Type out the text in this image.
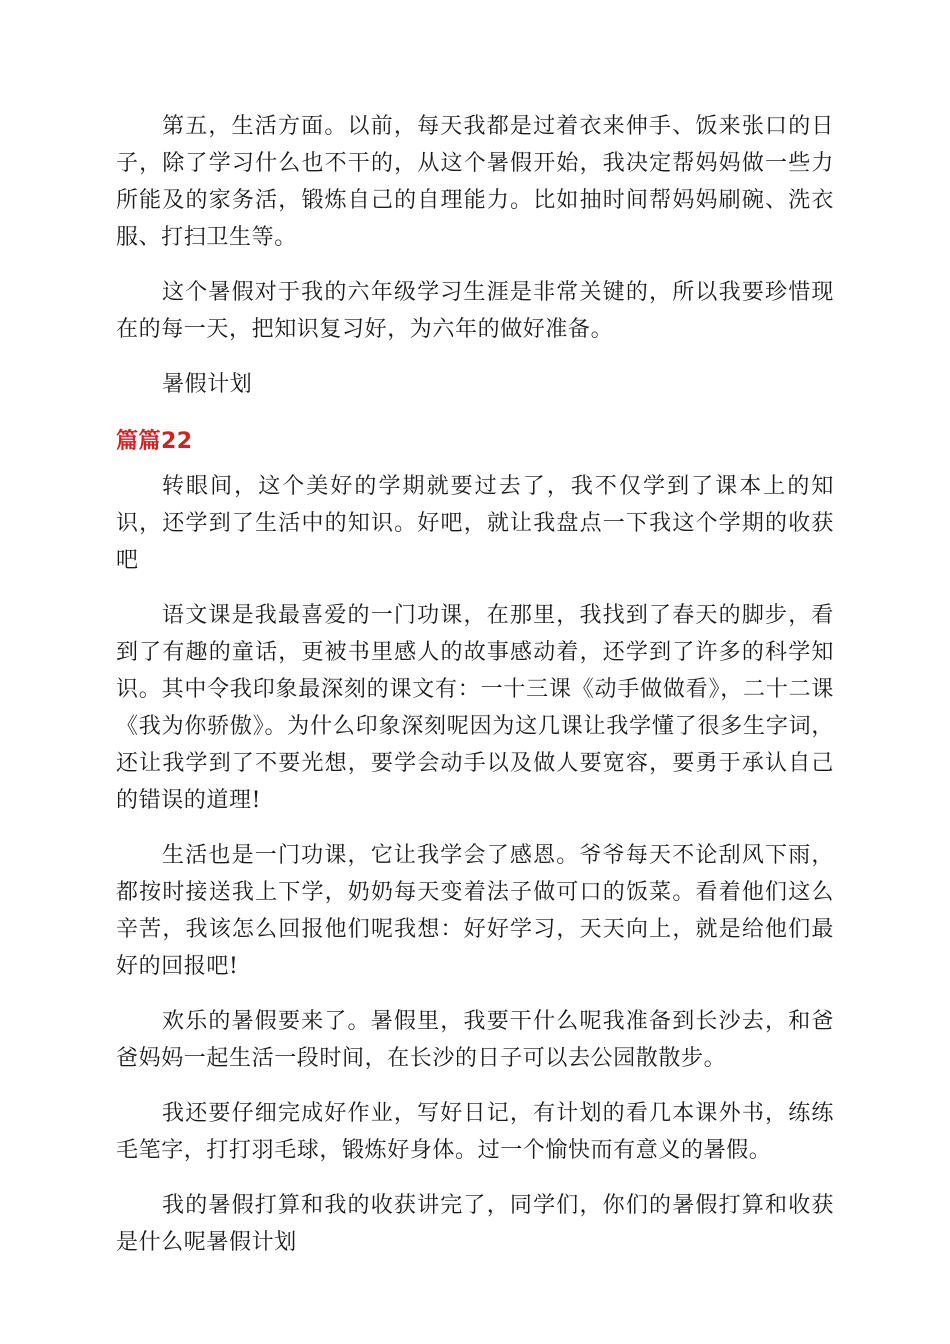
第五，生活方面。以前，每天我都是过着衣来伸手、饭来张口的日子，除了学习什么也不干的，从这个暑假开始，我决定帮妈妈做一些力所能及的家务活，锻炼自己的自理能力。比如抽时间帮妈妈刷碗、洗衣服、打扫卫生等。

这个暑假对于我的六年级学习生涯是非常关键的，所以我要珍惜现在的每一天，把知识复习好，为六年的做好准备。

暑假计划

篇篇22

转眼间，这个美好的学期就要过去了，我不仅学到了课本上的知识，还学到了生活中的知识。好吧，就让我盘点一下我这个学期的收获吧

语文课是我最喜爱的一门功课，在那里，我找到了春天的脚步，看到了有趣的童话，更被书里感人的故事感动着，还学到了许多的科学知识。其中令我印象最深刻的课文有：一十三课《动手做做看》，二十二课《我为你骄傲》。为什么印象深刻呢因为这几课让我学懂了很多生字词，还让我学到了不要光想，要学会动手以及做人要宽容，要勇于承认自己的错误的道理!

生活也是一门功课，它让我学会了感恩。爷爷每天不论刮风下雨，都按时接送我上下学，奶奶每天变着法子做可口的饭菜。看着他们这么辛苦，我该怎么回报他们呢我想：好好学习，天天向上，就是给他们最好的回报吧!

欢乐的暑假要来了。暑假里，我要干什么呢我准备到长沙去，和爸爸妈妈一起生活一段时间，在长沙的日子可以去公园散散步。

我还要仔细完成好作业，写好日记，有计划的看几本课外书，练练毛笔字，打打羽毛球，锻炼好身体。过一个愉快而有意义的暑假。

我的暑假打算和我的收获讲完了，同学们，你们的暑假打算和收获是什么呢暑假计划
